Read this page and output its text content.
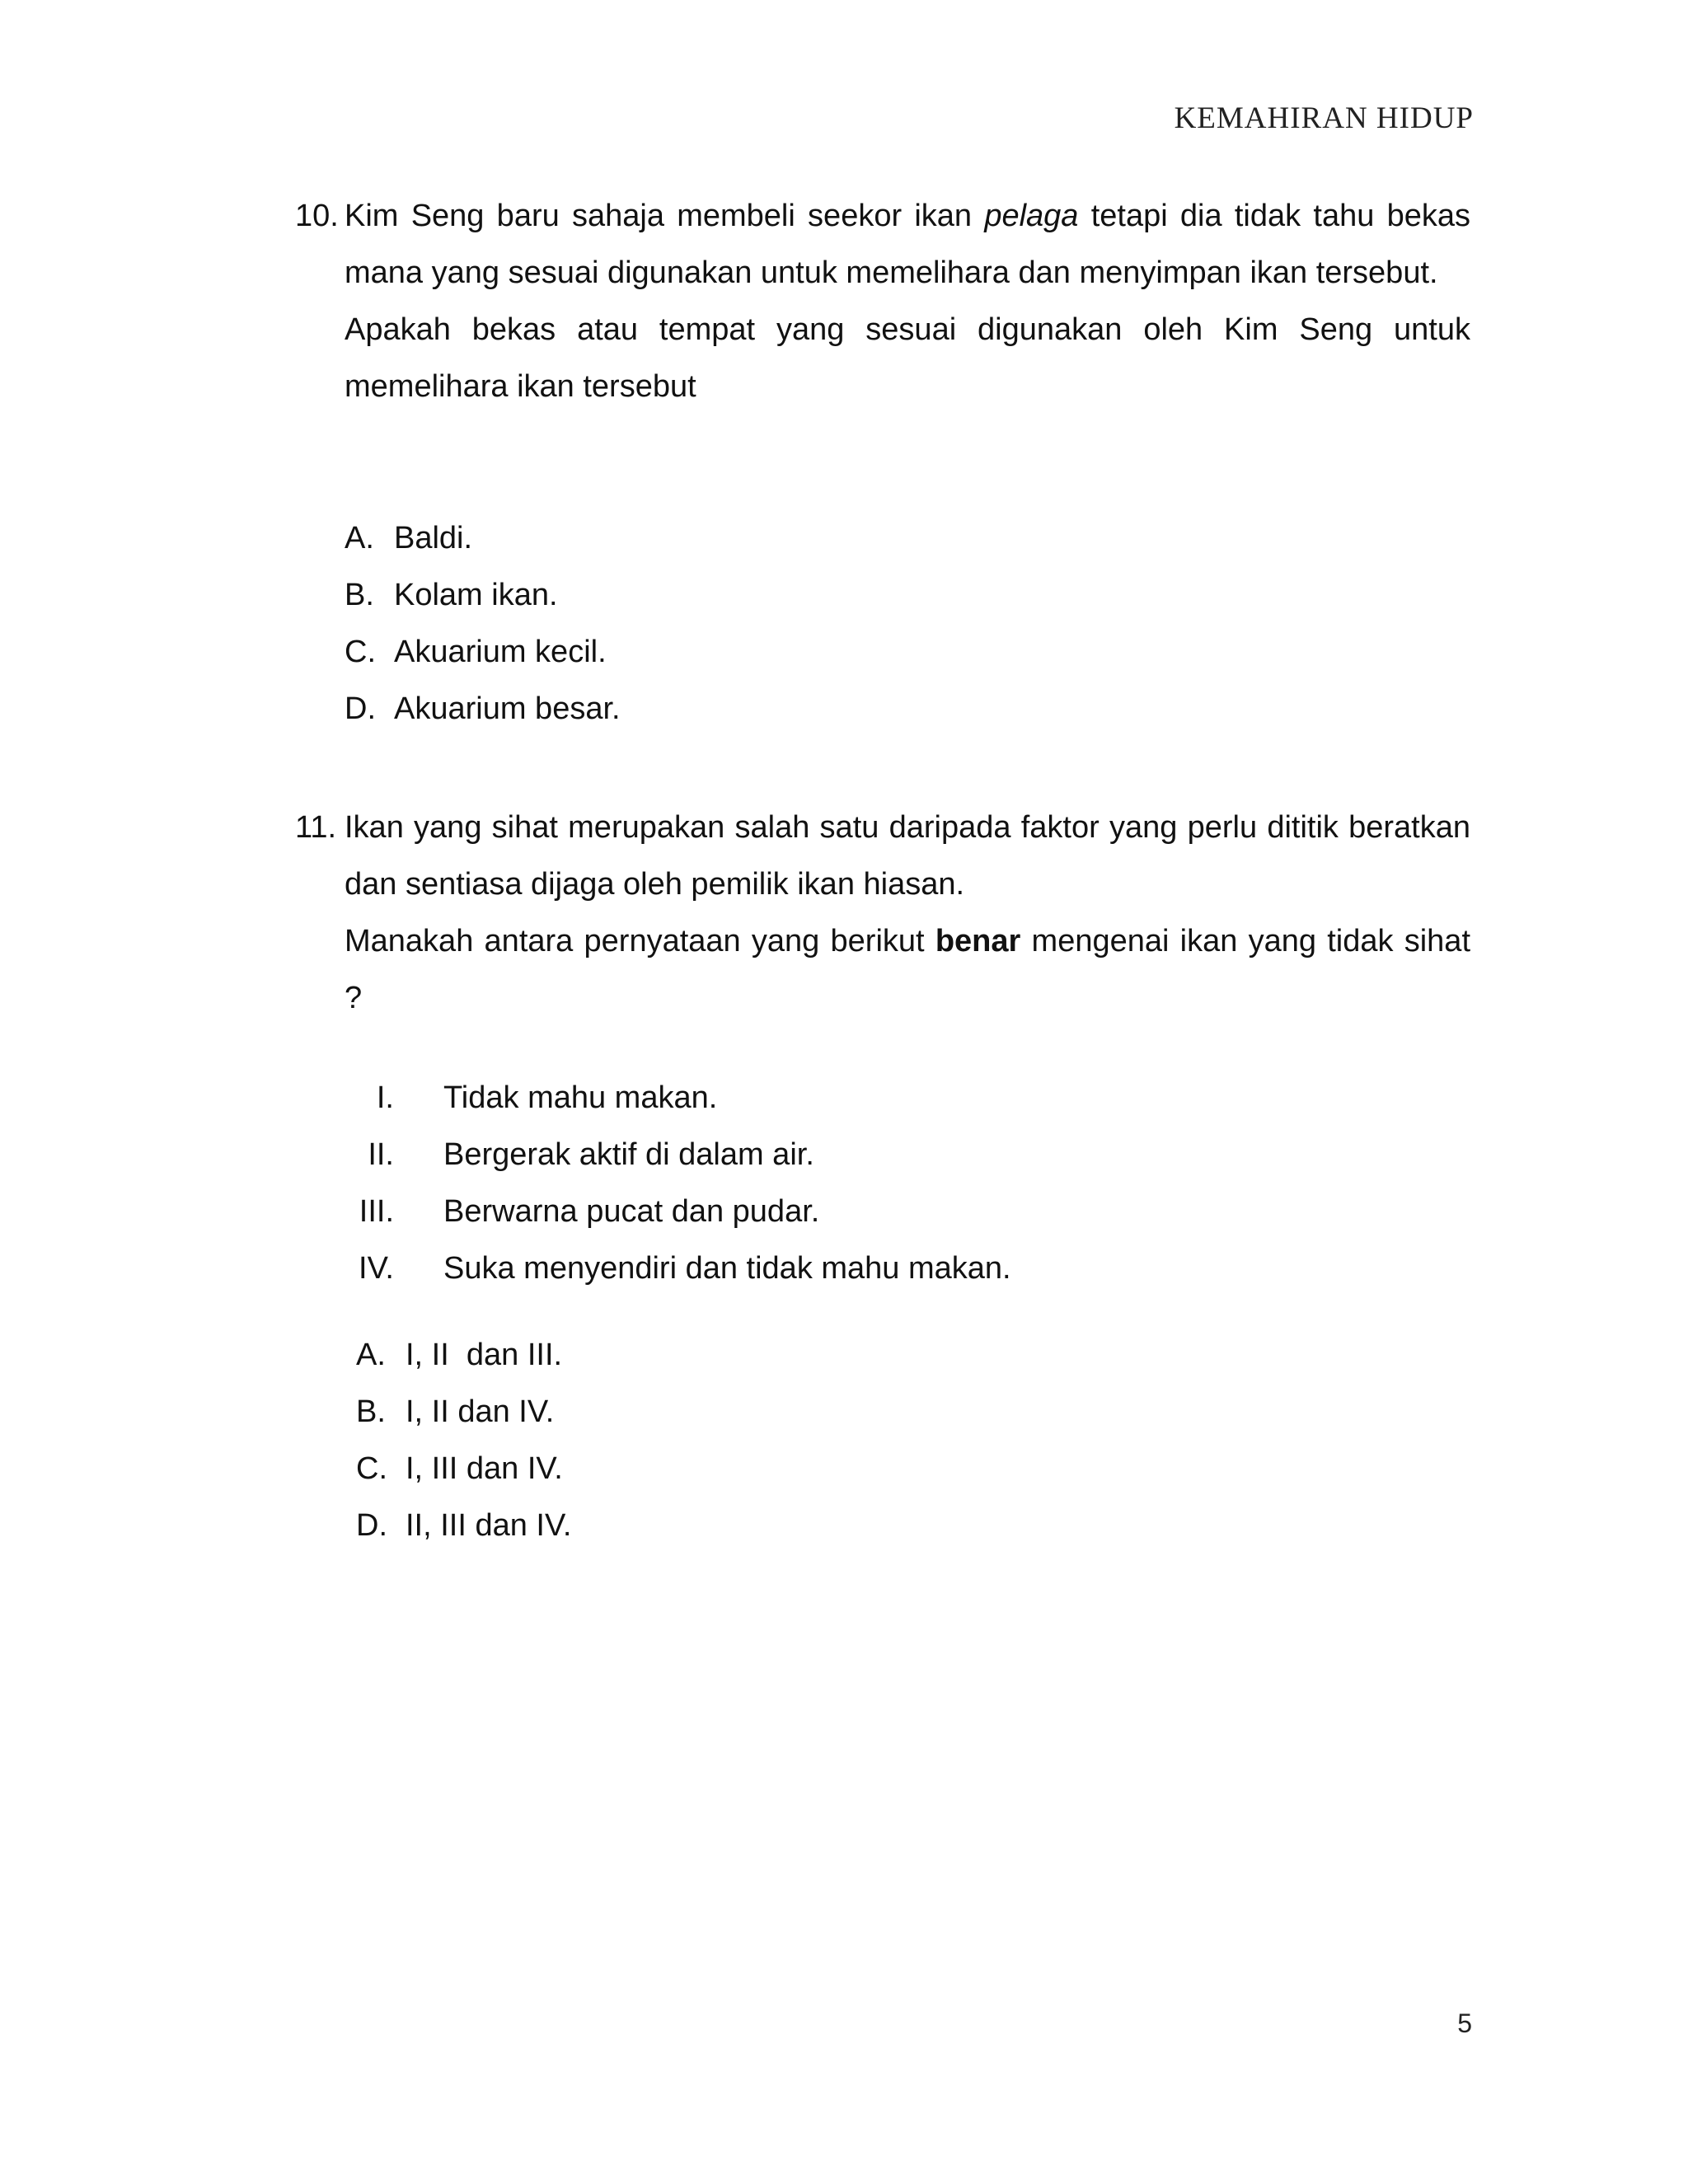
KEMAHIRAN HIDUP
10. Kim Seng baru sahaja membeli seekor ikan pelaga tetapi dia tidak tahu bekas mana yang sesuai digunakan untuk memelihara dan menyimpan ikan tersebut.

Apakah bekas atau tempat yang sesuai digunakan oleh Kim Seng untuk memelihara ikan tersebut

A. Baldi.
B. Kolam ikan.
C. Akuarium kecil.
D. Akuarium besar.
11. Ikan yang sihat merupakan salah satu daripada faktor yang perlu dititik beratkan dan sentiasa dijaga oleh pemilik ikan hiasan.

Manakah antara pernyataan yang berikut benar mengenai ikan yang tidak sihat ?

I.	Tidak mahu makan.
II.	Bergerak aktif di dalam air.
III.	Berwarna pucat dan pudar.
IV.	Suka menyendiri dan tidak mahu makan.
A. I, II  dan III.
B. I, II dan IV.
C. I, III dan IV.
D. II, III dan IV.
5
